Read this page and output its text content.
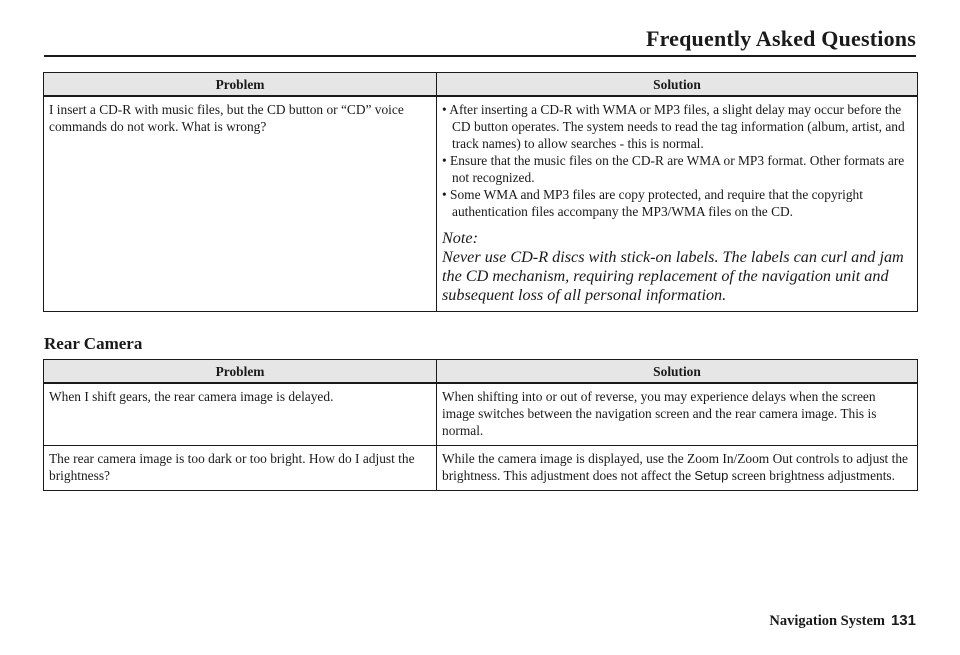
Frequently Asked Questions
Problem	Solution
I insert a CD-R with music files, but the CD button or “CD” voice commands do not work. What is wrong?	• After inserting a CD-R with WMA or MP3 files, a slight delay may occur before the CD button operates. The system needs to read the tag information (album, artist, and track names) to allow searches - this is normal.
• Ensure that the music files on the CD-R are WMA or MP3 format. Other formats are not recognized.
• Some WMA and MP3 files are copy protected, and require that the copyright authentication files accompany the MP3/WMA files on the CD.
Note:
Never use CD-R discs with stick-on labels. The labels can curl and jam the CD mechanism, requiring replacement of the navigation unit and subsequent loss of all personal information.
Rear Camera
Problem	Solution
When I shift gears, the rear camera image is delayed.	When shifting into or out of reverse, you may experience delays when the screen image switches between the navigation screen and the rear camera image. This is normal.
The rear camera image is too dark or too bright. How do I adjust the brightness?	While the camera image is displayed, use the Zoom In/Zoom Out controls to adjust the brightness. This adjustment does not affect the Setup screen brightness adjustments.
Navigation System 131
